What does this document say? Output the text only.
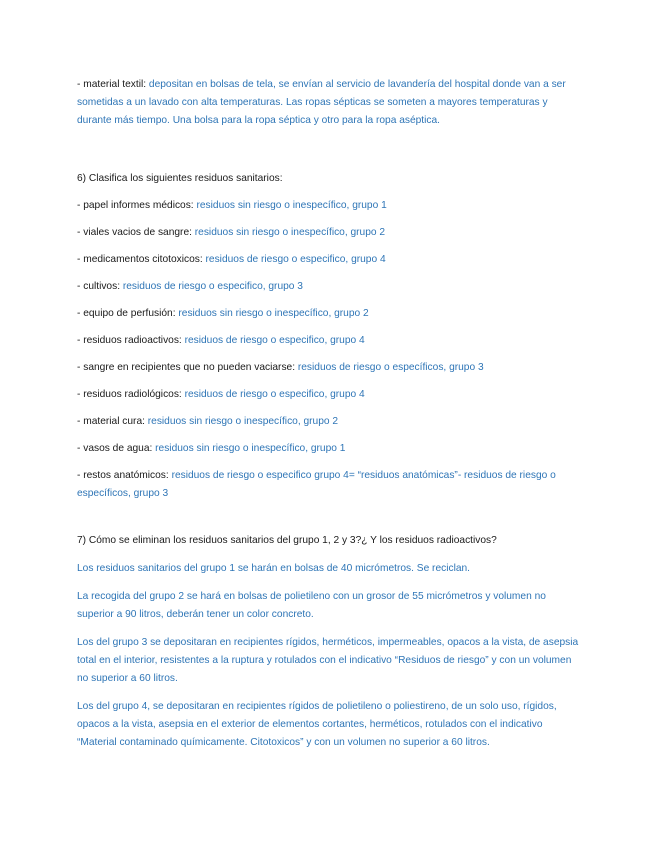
- material textil: depositan en bolsas de tela, se envían al servicio de lavandería del hospital donde van a ser sometidas a un lavado con alta temperaturas. Las ropas sépticas se someten a mayores temperaturas y durante más tiempo. Una bolsa para la ropa séptica y otro para la ropa aséptica.

6) Clasifica los siguientes residuos sanitarios:

- papel informes médicos: residuos sin riesgo o inespecífico, grupo 1

- viales vacios de sangre: residuos sin riesgo o inespecífico, grupo 2

- medicamentos citotoxicos: residuos de riesgo o especifico, grupo 4

- cultivos: residuos de riesgo o especifico, grupo 3

- equipo de perfusión: residuos sin riesgo o inespecífico, grupo 2

- residuos radioactivos: residuos de riesgo o especifico, grupo 4

- sangre en recipientes que no pueden vaciarse: residuos de riesgo o específicos, grupo 3

- residuos radiológicos: residuos de riesgo o especifico, grupo 4

- material cura: residuos sin riesgo o inespecífico, grupo 2

- vasos de agua: residuos sin riesgo o inespecífico, grupo 1

- restos anatómicos: residuos de riesgo o especifico grupo 4= “residuos anatómicas”- residuos de riesgo o específicos, grupo 3

7) Cómo se eliminan los residuos sanitarios del grupo 1, 2 y 3?¿ Y los residuos radioactivos?

Los residuos sanitarios del grupo 1 se harán en bolsas de 40 micrómetros. Se reciclan.

La recogida del grupo 2 se hará en bolsas de polietileno con un grosor de 55 micrómetros y volumen no superior a 90 litros, deberán tener un color concreto.

Los del grupo 3 se depositaran en recipientes rígidos, herméticos, impermeables, opacos a la vista, de asepsia total en el interior, resistentes a la ruptura y rotulados con el indicativo “Residuos de riesgo” y con un volumen no superior a 60 litros.

Los del grupo 4, se depositaran en recipientes rígidos de polietileno o poliestireno, de un solo uso, rígidos, opacos a la vista, asepsia en el exterior de elementos cortantes, herméticos, rotulados con el indicativo “Material contaminado químicamente. Citotoxicos” y con un volumen no superior a 60 litros.
